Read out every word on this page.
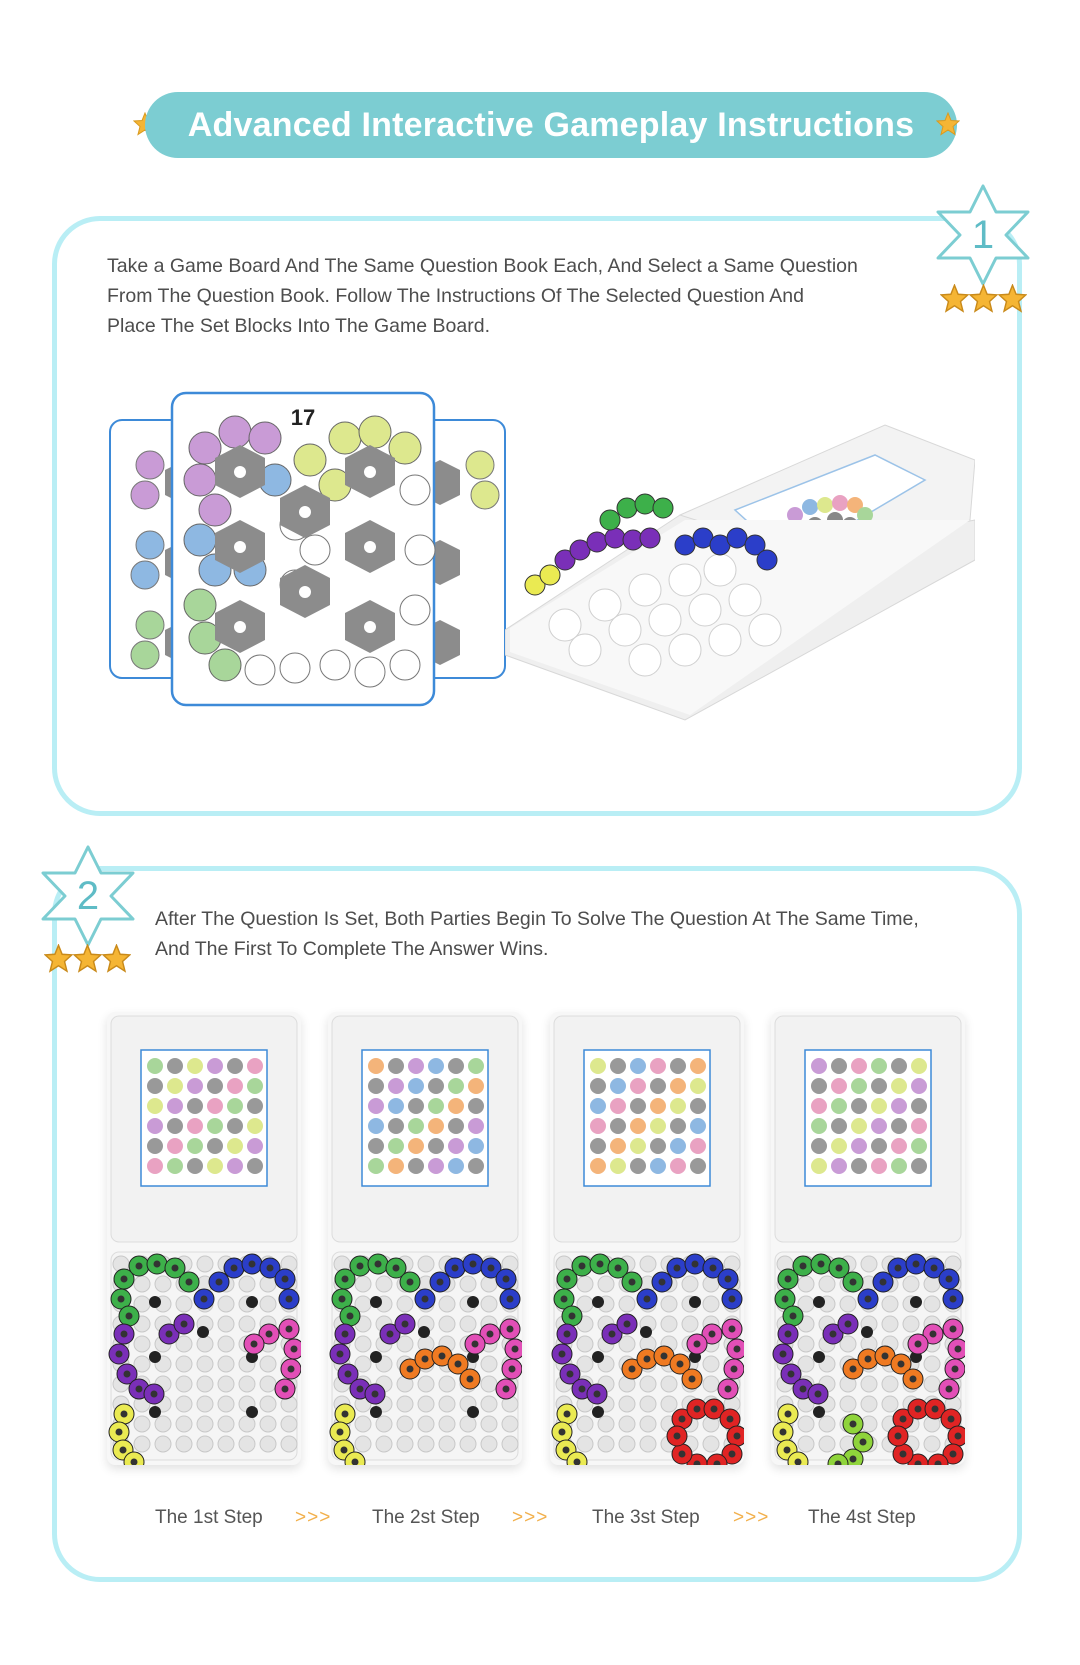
Advanced Interactive Gameplay Instructions
1
Take a Game Board And The Same Question Book Each, And Select a Same Question
From The Question Book. Follow The Instructions Of The Selected Question And
Place The Set Blocks Into The Game Board.
17
2
After The Question Is Set, Both Parties Begin To Solve The Question At The Same Time,
And The First To Complete The Answer Wins.
The 1st Step >>> The 2st Step >>> The 3st Step >>> The 4st Step
